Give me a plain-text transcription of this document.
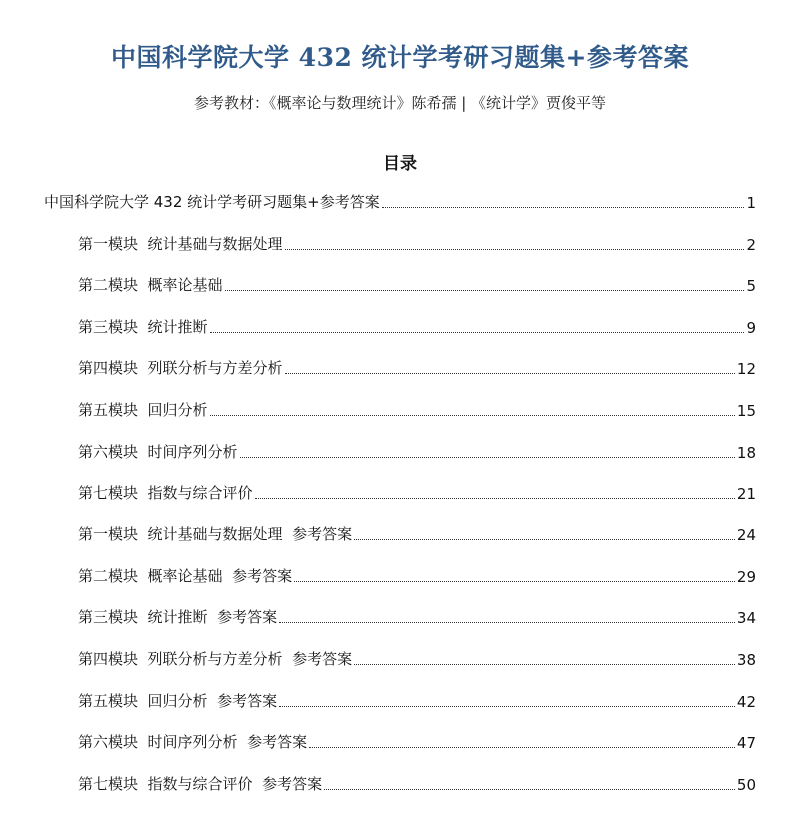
中国科学院大学 432 统计学考研习题集+参考答案
参考教材：《概率论与数理统计》陈希孺 | 《统计学》贾俊平等
目录
中国科学院大学 432 统计学考研习题集+参考答案	1
第一模块  统计基础与数据处理	2
第二模块  概率论基础	5
第三模块  统计推断	9
第四模块  列联分析与方差分析	12
第五模块  回归分析	15
第六模块  时间序列分析	18
第七模块  指数与综合评价	21
第一模块  统计基础与数据处理  参考答案	24
第二模块  概率论基础  参考答案	29
第三模块  统计推断  参考答案	34
第四模块  列联分析与方差分析  参考答案	38
第五模块  回归分析  参考答案	42
第六模块  时间序列分析  参考答案	47
第七模块  指数与综合评价  参考答案	50
